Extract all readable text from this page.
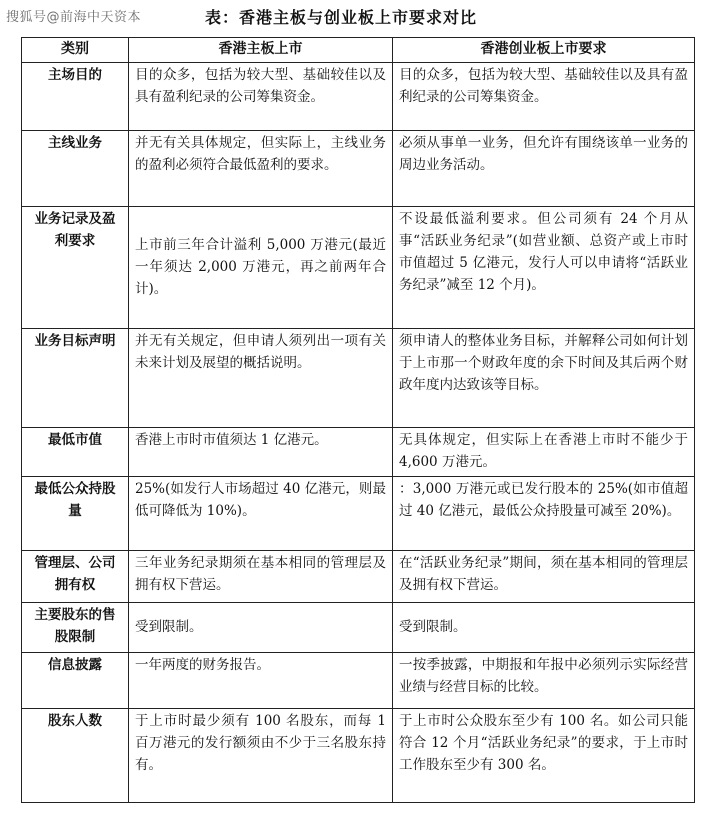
搜狐号@前海中天资本	表：香港主板与创业板上市要求对比
类别	香港主板上市	香港创业板上市要求
主场目的	目的众多，包括为较大型、基础较佳以及具有盈利纪录的公司筹集资金。	目的众多，包括为较大型、基础较佳以及具有盈利纪录的公司筹集资金。
主线业务	并无有关具体规定，但实际上，主线业务的盈利必须符合最低盈利的要求。	必须从事单一业务，但允许有围绕该单一业务的周边业务活动。
业务记录及盈利要求	上市前三年合计溢利 5,000 万港元(最近一年须达 2,000 万港元，再之前两年合计)。	不设最低溢利要求。但公司须有 24 个月从事“活跃业务纪录”(如营业额、总资产或上市时市值超过 5 亿港元，发行人可以申请将“活跃业务纪录”减至 12 个月)。
业务目标声明	并无有关规定，但申请人须列出一项有关未来计划及展望的概括说明。	须申请人的整体业务目标，并解释公司如何计划于上市那一个财政年度的余下时间及其后两个财政年度内达致该等目标。
最低市值	香港上市时市值须达 1 亿港元。	无具体规定，但实际上在香港上市时不能少于 4,600 万港元。
最低公众持股量	25%(如发行人市场超过 40 亿港元，则最低可降低为 10%)。	：3,000 万港元或已发行股本的 25%(如市值超过 40 亿港元，最低公众持股量可减至 20%)。
管理层、公司拥有权	三年业务纪录期须在基本相同的管理层及拥有权下营运。	在“活跃业务纪录”期间，须在基本相同的管理层及拥有权下营运。
主要股东的售股限制	受到限制。	受到限制。
信息披露	一年两度的财务报告。	一按季披露，中期报和年报中必须列示实际经营业绩与经营目标的比较。
股东人数	于上市时最少须有 100 名股东，而每 1 百万港元的发行额须由不少于三名股东持有。	于上市时公众股东至少有 100 名。如公司只能符合 12 个月“活跃业务纪录”的要求，于上市时工作股东至少有 300 名。
